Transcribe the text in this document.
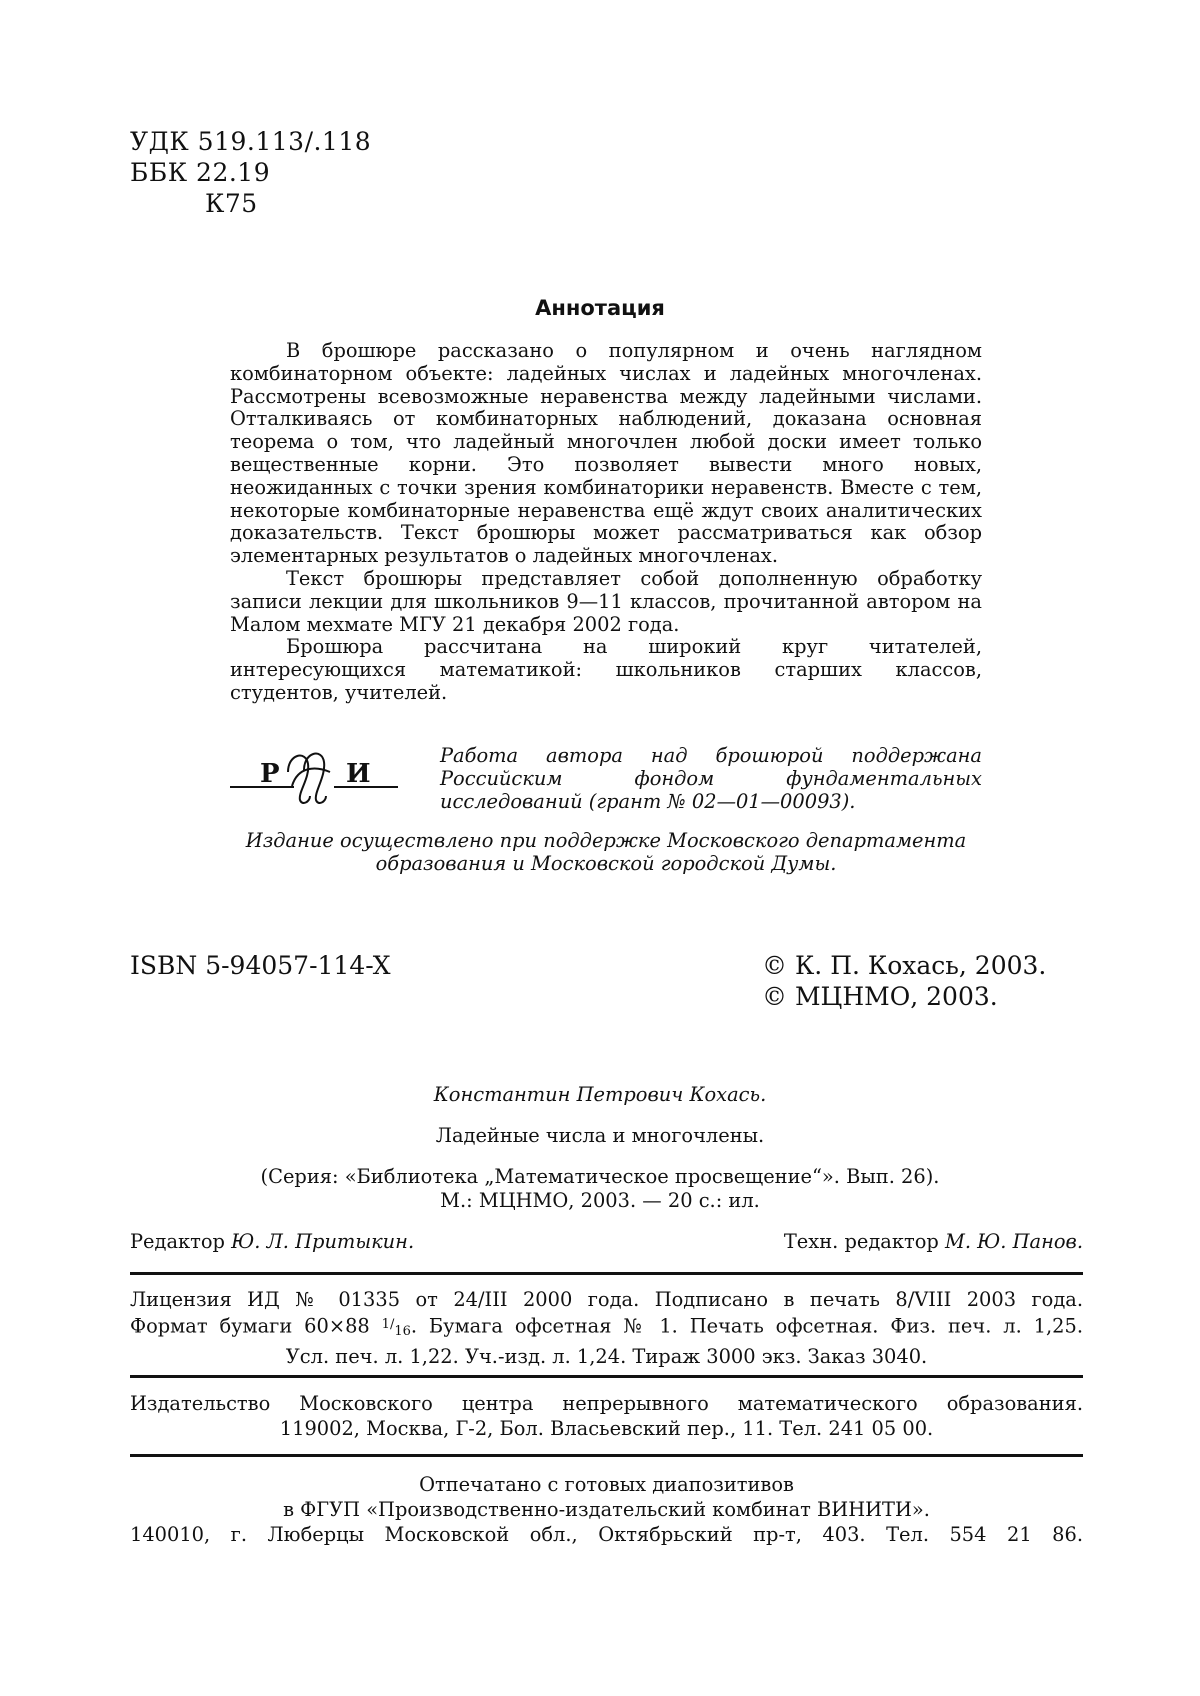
УДК 519.113/.118
ББК 22.19
К75
Аннотация

В брошюре рассказано о популярном и очень наглядном комбинаторном объекте: ладейных числах и ладейных многочленах. Рассмотрены всевозможные неравенства между ладейными числами. Отталкиваясь от комбинаторных наблюдений, доказана основная теорема о том, что ладейный многочлен любой доски имеет только вещественные корни. Это позволяет вывести много новых, неожиданных с точки зрения комбинаторики неравенств. Вместе с тем, некоторые комбинаторные неравенства ещё ждут своих аналитических доказательств. Текст брошюры может рассматриваться как обзор элементарных результатов о ладейных многочленах.

Текст брошюры представляет собой дополненную обработку записи лекции для школьников 9—11 классов, прочитанной автором на Малом мехмате МГУ 21 декабря 2002 года.

Брошюра рассчитана на широкий круг читателей, интересующихся математикой: школьников старших классов, студентов, учителей.

Р	И
Работа автора над брошюрой поддержана Российским фондом фундаментальных исследований (грант № 02—01—00093).
Издание осуществлено при поддержке Московского департамента образования и Московской городской Думы.
ISBN 5-94057-114-X	© К. П. Кохась, 2003.
© МЦНМО, 2003.
Константин Петрович Кохась.
Ладейные числа и многочлены.
(Серия: «Библиотека „Математическое просвещение“». Вып. 26).
М.: МЦНМО, 2003. — 20 с.: ил.
Редактор Ю. Л. Притыкин.	Техн. редактор М. Ю. Панов.
Лицензия ИД № 01335 от 24/III 2000 года. Подписано в печать 8/VIII 2003 года.
Формат бумаги 60×88 $^{1/_{16}}$. Бумага офсетная № 1. Печать офсетная. Физ. печ. л. 1,25.
Усл. печ. л. 1,22. Уч.-изд. л. 1,24. Тираж 3000 экз. Заказ 3040.
Издательство Московского центра непрерывного математического образования.
119002, Москва, Г-2, Бол. Власьевский пер., 11. Тел. 241 05 00.
Отпечатано с готовых диапозитивов
в ФГУП «Производственно-издательский комбинат ВИНИТИ».
140010, г. Люберцы Московской обл., Октябрьский пр-т, 403. Тел. 554 21 86.
